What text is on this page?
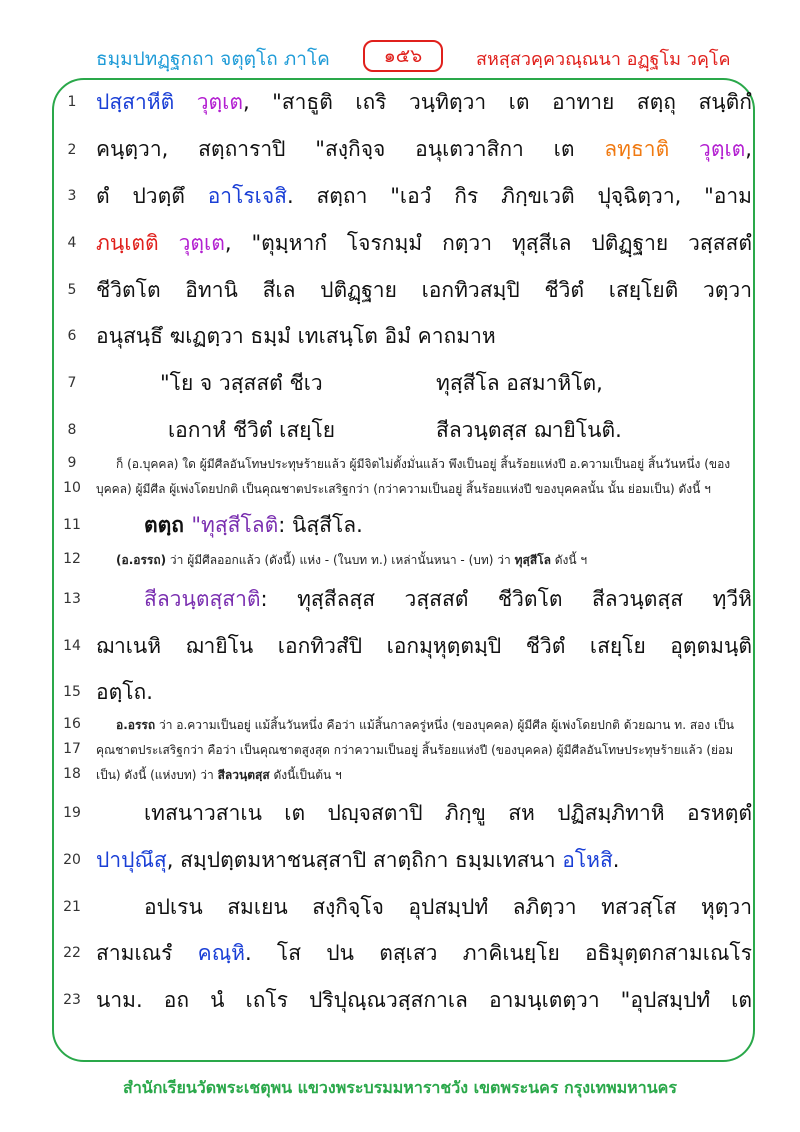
ธมฺมปทฏฺฐกถา จตุตฺโถ ภาโค	๑๕๖	สหสฺสวคฺควณฺณนา อฏฺฐโม วคฺโค
1
2
3
4
5
6
7
8
9
10
11
12
13
14
15
16
17
18
19
20
21
22
23
ปสฺสาหีติ วุตฺเต, "สาธูติ เถริ วนฺทิตฺวา เต อาทาย สตฺถุ สนฺติกํ
คนฺตฺวา, สตฺถาราปิ "สงฺกิจฺจ อนุเตวาสิกา เต ลทฺธาติ วุตฺเต,
ตํ ปวตฺตึ อาโรเจสิ. สตฺถา "เอวํ กิร ภิกฺขเวติ ปุจฺฉิตฺวา, "อาม
ภนฺเตติ วุตฺเต, "ตุมฺหากํ โจรกมฺมํ กตฺวา ทุสฺสีเล ปติฏฺฐาย วสฺสสตํ
ชีวิตโต อิทานิ สีเล ปติฏฺฐาย เอกทิวสมฺปิ ชีวิตํ เสยฺโยติ วตฺวา
อนุสนฺธึ ฆเฏตฺวา ธมฺมํ เทเสนฺโต อิมํ คาถมาห
"โย จ วสฺสสตํ ชีเว	ทุสฺสีโล อสมาหิโต,
เอกาหํ ชีวิตํ เสยฺโย	สีลวนฺตสฺส ฌายิโนติ.
ก็ (อ.บุคคล) ใด ผู้มีศีลอันโทษประทุษร้ายแล้ว ผู้มีจิตไม่ตั้งมั่นแล้ว พึงเป็นอยู่ สิ้นร้อยแห่งปี อ.ความเป็นอยู่ สิ้นวันหนึ่ง (ของ
บุคคล) ผู้มีศีล ผู้เพ่งโดยปกติ เป็นคุณชาตประเสริฐกว่า (กว่าความเป็นอยู่ สิ้นร้อยแห่งปี ของบุคคลนั้น นั้น ย่อมเป็น) ดังนี้ ฯ
ตตฺถ "ทุสฺสีโลติ: นิสฺสีโล.
(อ.อรรถ) ว่า ผู้มีศีลออกแล้ว (ดังนี้) แห่ง - (ในบท ท.) เหล่านั้นหนา - (บท) ว่า ทุสฺสีโล ดังนี้ ฯ
สีลวนฺตสฺสาติ: ทุสฺสีลสฺส วสฺสสตํ ชีวิตโต สีลวนฺตสฺส ทฺวีหิ
ฌาเนหิ ฌายิโน เอกทิวสํปิ เอกมุหุตฺตมฺปิ ชีวิตํ เสยฺโย อุตฺตมนฺติ
อตฺโถ.
อ.อรรถ ว่า อ.ความเป็นอยู่ แม้สิ้นวันหนึ่ง คือว่า แม้สิ้นกาลครู่หนึ่ง (ของบุคคล) ผู้มีศีล ผู้เพ่งโดยปกติ ด้วยฌาน ท. สอง เป็น
คุณชาตประเสริฐกว่า คือว่า เป็นคุณชาตสูงสุด กว่าความเป็นอยู่ สิ้นร้อยแห่งปี (ของบุคคล) ผู้มีศีลอันโทษประทุษร้ายแล้ว (ย่อม
เป็น) ดังนี้ (แห่งบท) ว่า สีลวนฺตสฺส ดังนี้เป็นต้น ฯ
เทสนาวสาเน เต ปญฺจสตาปิ ภิกฺขู สห ปฏิสมฺภิทาหิ อรหตฺตํ
ปาปุณึสุ, สมฺปตฺตมหาชนสฺสาปิ สาตฺถิกา ธมฺมเทสนา อโหสิ.
อปเรน สมเยน สงฺกิจฺโจ อุปสมฺปทํ ลภิตฺวา ทสวสฺโส หุตฺวา
สามเณรํ คณฺหิ. โส ปน ตสฺเสว ภาคิเนยฺโย อธิมุตฺตกสามเณโร
นาม. อถ นํ เถโร ปริปุณฺณวสฺสกาเล อามนฺเตตฺวา "อุปสมฺปทํ เต
สำนักเรียนวัดพระเชตุพน แขวงพระบรมมหาราชวัง เขตพระนคร กรุงเทพมหานคร
